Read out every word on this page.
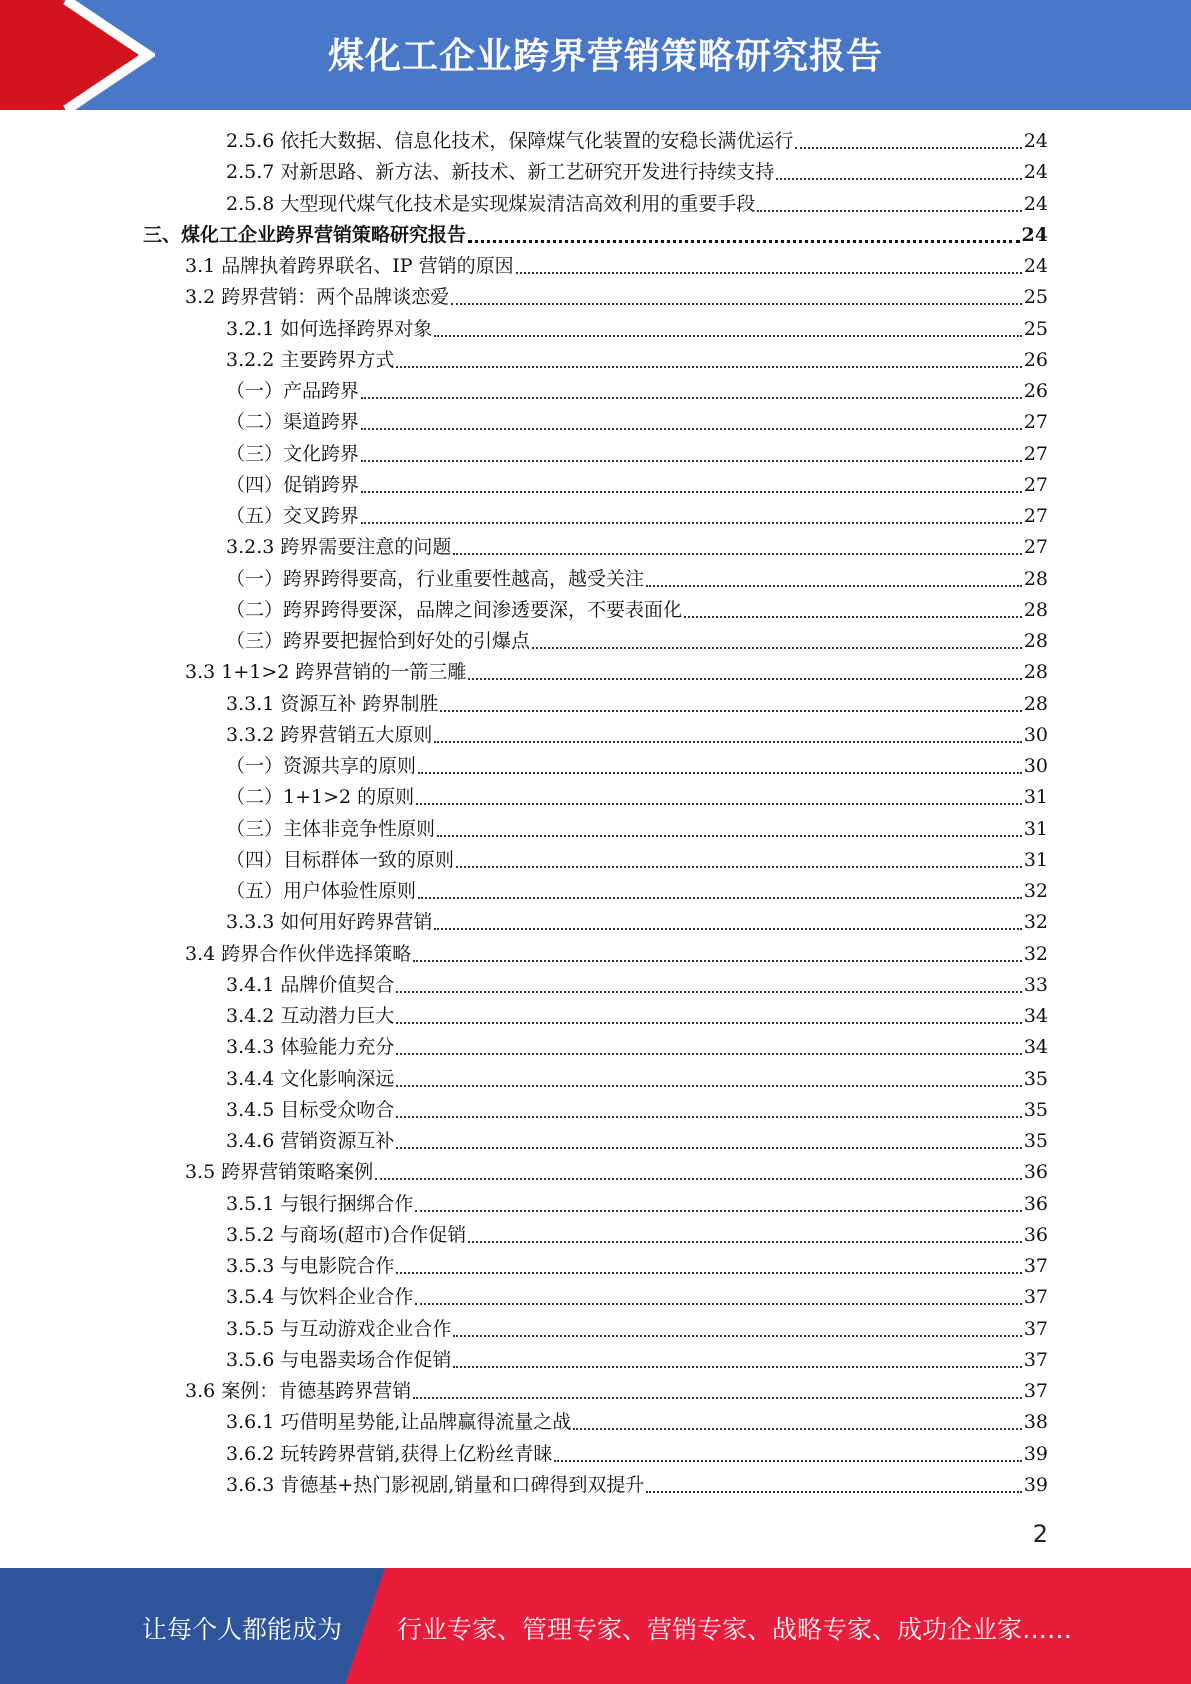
煤化工企业跨界营销策略研究报告
2.5.6 依托大数据、信息化技术，保障煤气化装置的安稳长满优运行	24
2.5.7 对新思路、新方法、新技术、新工艺研究开发进行持续支持	24
2.5.8 大型现代煤气化技术是实现煤炭清洁高效利用的重要手段	24
三、煤化工企业跨界营销策略研究报告	24
3.1 品牌执着跨界联名、IP 营销的原因	24
3.2 跨界营销：两个品牌谈恋爱	25
3.2.1 如何选择跨界对象	25
3.2.2 主要跨界方式	26
（一）产品跨界	26
（二）渠道跨界	27
（三）文化跨界	27
（四）促销跨界	27
（五）交叉跨界	27
3.2.3 跨界需要注意的问题	27
（一）跨界跨得要高，行业重要性越高，越受关注	28
（二）跨界跨得要深，品牌之间渗透要深，不要表面化	28
（三）跨界要把握恰到好处的引爆点	28
3.3 1+1>2 跨界营销的一箭三雕	28
3.3.1 资源互补 跨界制胜	28
3.3.2 跨界营销五大原则	30
（一）资源共享的原则	30
（二）1+1>2 的原则	31
（三）主体非竞争性原则	31
（四）目标群体一致的原则	31
（五）用户体验性原则	32
3.3.3 如何用好跨界营销	32
3.4 跨界合作伙伴选择策略	32
3.4.1 品牌价值契合	33
3.4.2 互动潜力巨大	34
3.4.3 体验能力充分	34
3.4.4 文化影响深远	35
3.4.5 目标受众吻合	35
3.4.6 营销资源互补	35
3.5 跨界营销策略案例	36
3.5.1 与银行捆绑合作	36
3.5.2 与商场(超市)合作促销	36
3.5.3 与电影院合作	37
3.5.4 与饮料企业合作	37
3.5.5 与互动游戏企业合作	37
3.5.6 与电器卖场合作促销	37
3.6 案例：肯德基跨界营销	37
3.6.1 巧借明星势能,让品牌赢得流量之战	38
3.6.2 玩转跨界营销,获得上亿粉丝青睐	39
3.6.3 肯德基+热门影视剧,销量和口碑得到双提升	39
2
让每个人都能成为 行业专家、管理专家、营销专家、战略专家、成功企业家……
